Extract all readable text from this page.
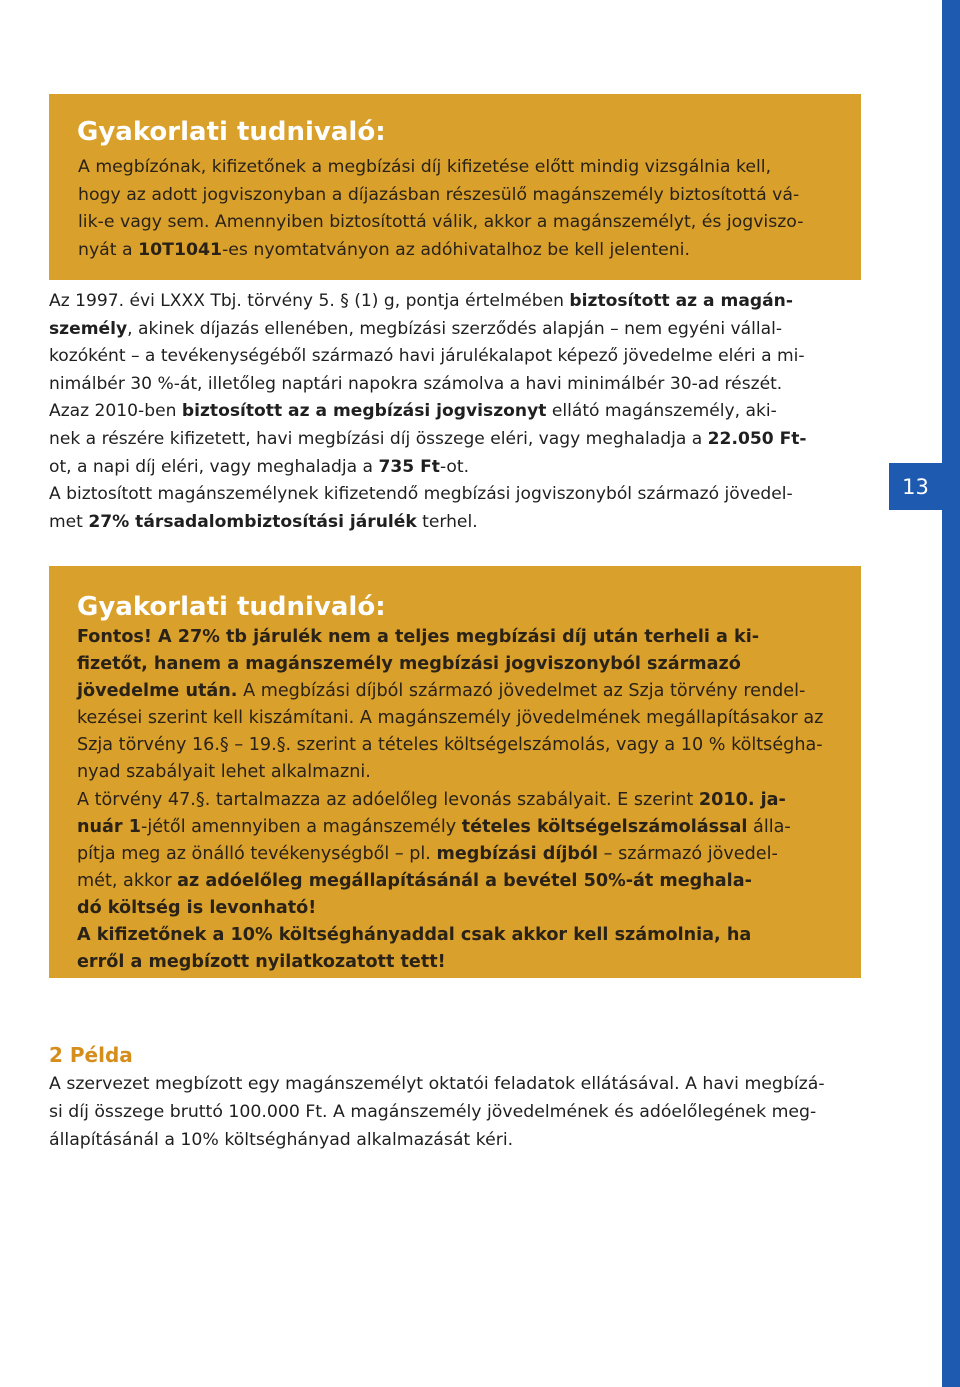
13
Gyakorlati tudnivaló:
A megbízónak, kifizetőnek a megbízási díj kifizetése előtt mindig vizsgálnia kell,
hogy az adott jogviszonyban a díjazásban részesülő magánszemély biztosítottá vá-
lik-e vagy sem. Amennyiben biztosítottá válik, akkor a magánszemélyt, és jogviszo-
nyát a 10T1041-es nyomtatványon az adóhivatalhoz be kell jelenteni.
Az 1997. évi LXXX Tbj. törvény 5. § (1) g, pontja értelmében biztosított az a magán-
személy, akinek díjazás ellenében, megbízási szerződés alapján – nem egyéni vállal-
kozóként – a tevékenységéből származó havi járulékalapot képező jövedelme eléri a mi-
nimálbér 30 %-át, illetőleg naptári napokra számolva a havi minimálbér 30-ad részét.
Azaz 2010-ben biztosított az a megbízási jogviszonyt ellátó magánszemély, aki-
nek a részére kifizetett, havi megbízási díj összege eléri, vagy meghaladja a 22.050 Ft-
ot, a napi díj eléri, vagy meghaladja a 735 Ft-ot.
A biztosított magánszemélynek kifizetendő megbízási jogviszonyból származó jövedel-
met 27% társadalombiztosítási járulék terhel.
Gyakorlati tudnivaló:
Fontos! A 27% tb járulék nem a teljes megbízási díj után terheli a ki-
fizetőt, hanem a magánszemély megbízási jogviszonyból származó
jövedelme után. A megbízási díjból származó jövedelmet az Szja törvény rendel-
kezései szerint kell kiszámítani. A magánszemély jövedelmének megállapításakor az
Szja törvény 16.§ – 19.§. szerint a tételes költségelszámolás, vagy a 10 % költségha-
nyad szabályait lehet alkalmazni.
A törvény 47.§. tartalmazza az adóelőleg levonás szabályait. E szerint 2010. ja-
nuár 1-jétől amennyiben a magánszemély tételes költségelszámolással álla-
pítja meg az önálló tevékenységből – pl. megbízási díjból – származó jövedel-
mét, akkor az adóelőleg megállapításánál a bevétel 50%-át meghala-
dó költség is levonható!
A kifizetőnek a 10% költséghányaddal csak akkor kell számolnia, ha
erről a megbízott nyilatkozatott tett!
2 Példa
A szervezet megbízott egy magánszemélyt oktatói feladatok ellátásával. A havi megbízá-
si díj összege bruttó 100.000 Ft. A magánszemély jövedelmének és adóelőlegének meg-
állapításánál a 10% költséghányad alkalmazását kéri.
